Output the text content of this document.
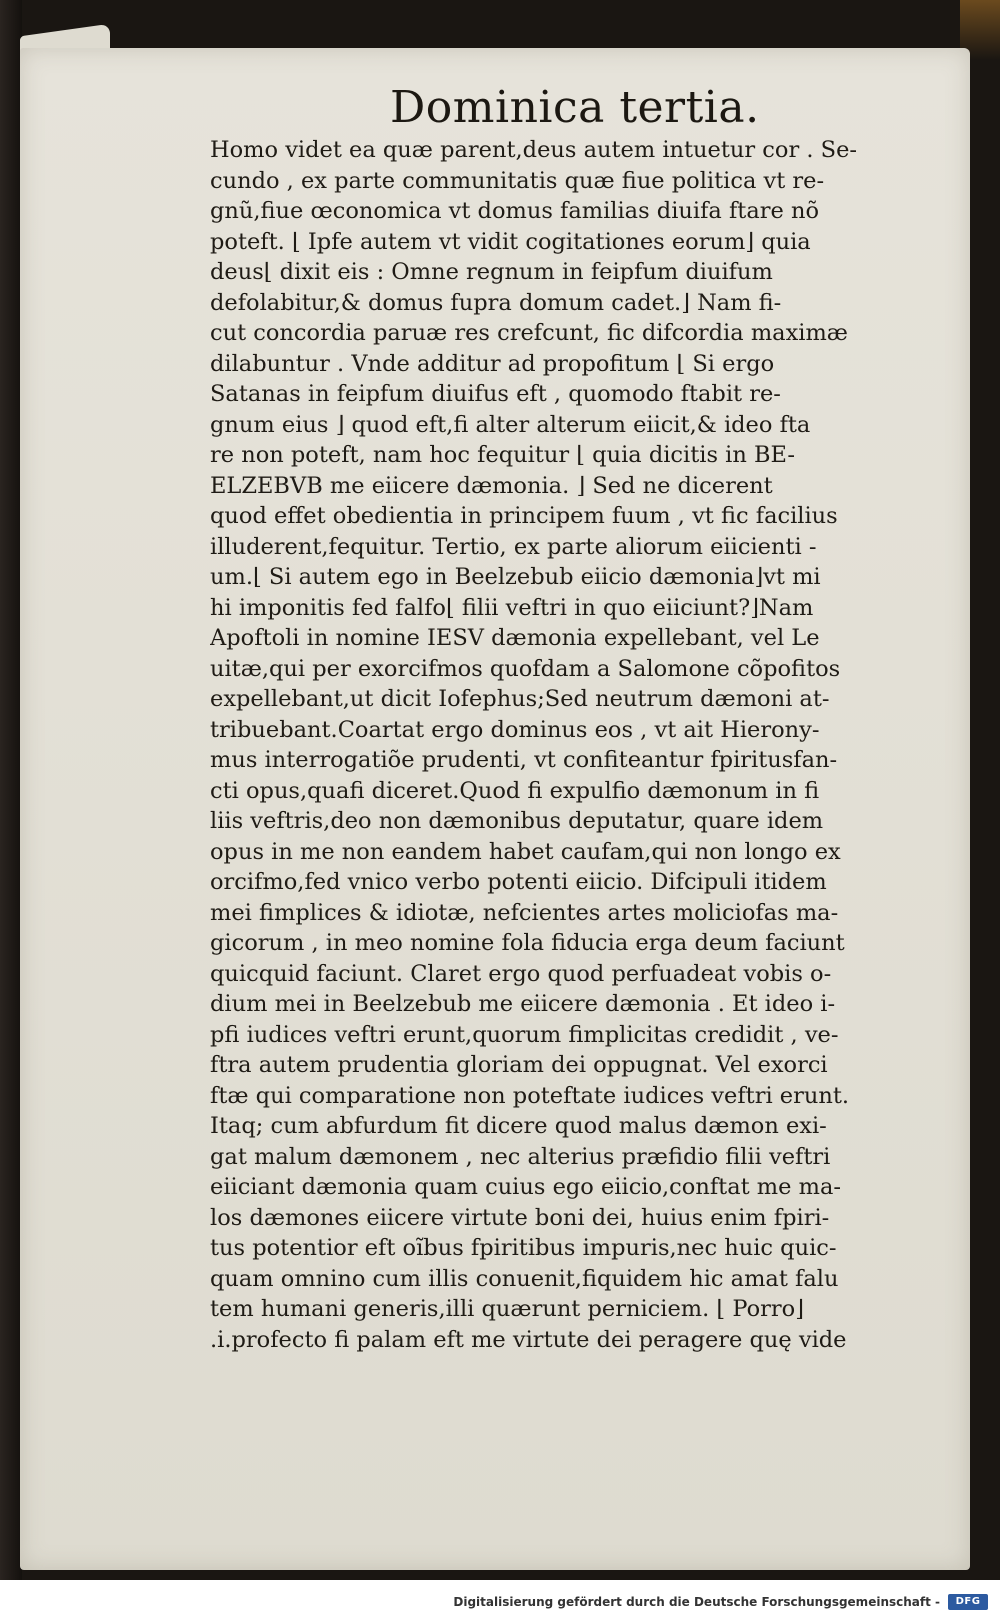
Dominica tertia.
Homo videt ea quæ parent,deus autem intuetur cor . Se-
cundo , ex parte communitatis quæ fiue politica vt re-
gnũ,fiue œconomica vt domus familias diuifa ftare nõ
poteft. ⌊ Ipfe autem vt vidit cogitationes eorum⌋ quia
deus⌊ dixit eis : Omne regnum in feipfum diuifum
defolabitur,& domus fupra domum cadet.⌋ Nam fi-
cut concordia paruæ res crefcunt, fic difcordia maximæ
dilabuntur . Vnde additur ad propofitum ⌊ Si ergo
Satanas in feipfum diuifus eft , quomodo ftabit re-
gnum eius ⌋ quod eft,fi alter alterum eiicit,& ideo fta
re non poteft, nam hoc fequitur ⌊ quia dicitis in BE-
ELZEBVB me eiicere dæmonia. ⌋ Sed ne dicerent
quod effet obedientia in principem fuum , vt fic facilius
illuderent,fequitur. Tertio, ex parte aliorum eiicienti -
um.⌊ Si autem ego in Beelzebub eiicio dæmonia⌋vt mi
hi imponitis fed falfo⌊ filii veftri in quo eiiciunt?⌋Nam
Apoftoli in nomine IESV dæmonia expellebant, vel Le
uitæ,qui per exorcifmos quofdam a Salomone cõpofitos
expellebant,ut dicit Iofephus;Sed neutrum dæmoni at-
tribuebant.Coartat ergo dominus eos , vt ait Hierony-
mus interrogatiõe prudenti, vt confiteantur fpiritusfan-
cti opus,quafi diceret.Quod fi expulfio dæmonum in fi
liis veftris,deo non dæmonibus deputatur, quare idem
opus in me non eandem habet caufam,qui non longo ex
orcifmo,fed vnico verbo potenti eiicio. Difcipuli itidem
mei fimplices & idiotæ, nefcientes artes moliciofas ma-
gicorum , in meo nomine fola fiducia erga deum faciunt
quicquid faciunt. Claret ergo quod perfuadeat vobis o-
dium mei in Beelzebub me eiicere dæmonia . Et ideo i-
pfi iudices veftri erunt,quorum fimplicitas credidit , ve-
ftra autem prudentia gloriam dei oppugnat. Vel exorci
ftæ qui comparatione non poteftate iudices veftri erunt.
Itaq; cum abfurdum fit dicere quod malus dæmon exi-
gat malum dæmonem , nec alterius præfidio filii veftri
eiiciant dæmonia quam cuius ego eiicio,conftat me ma-
los dæmones eiicere virtute boni dei, huius enim fpiri-
tus potentior eft oĩbus fpiritibus impuris,nec huic quic-
quam omnino cum illis conuenit,fiquidem hic amat falu
tem humani generis,illi quærunt perniciem. ⌊ Porro⌋
.i.profecto fi palam eft me virtute dei peragere quę vide
Digitalisierung gefördert durch die Deutsche Forschungsgemeinschaft -	DFG
